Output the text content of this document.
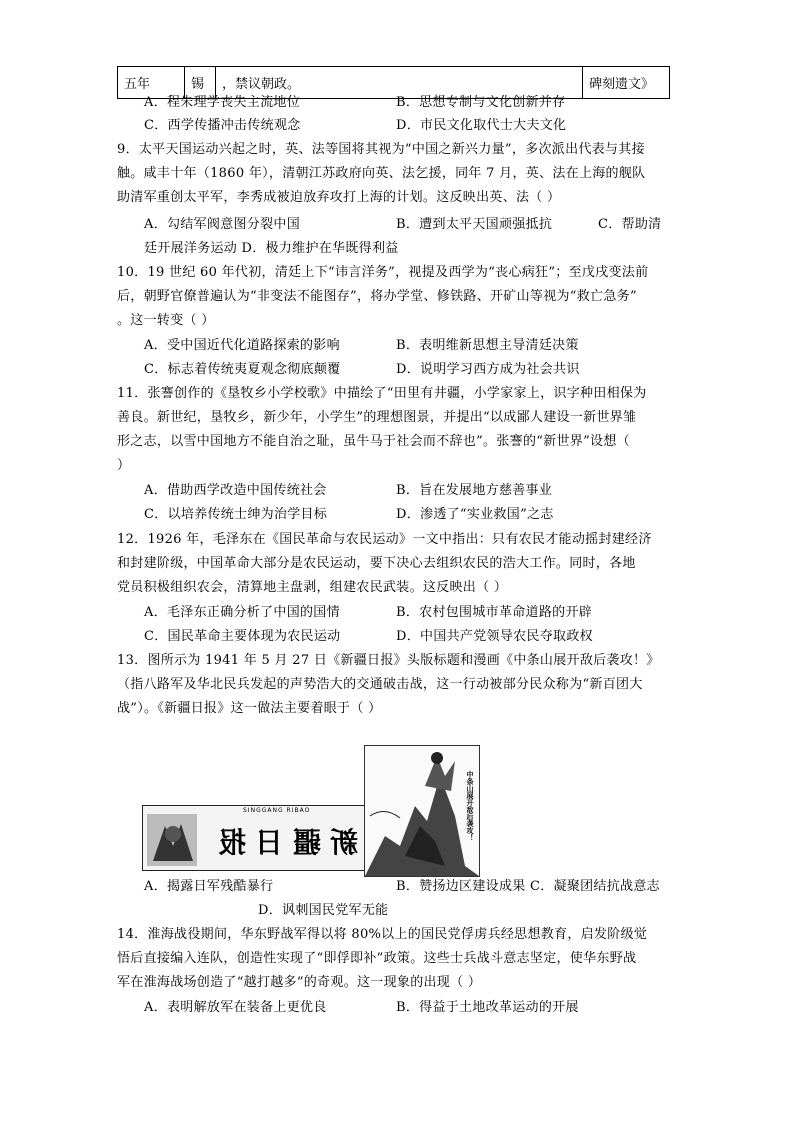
五年	锡	，禁议朝政。	碑刻遗文》
A．程朱理学丧失主流地位	B．思想专制与文化创新并存
C．西学传播冲击传统观念	D．市民文化取代士大夫文化
9．太平天国运动兴起之时，英、法等国将其视为“中国之新兴力量”，多次派出代表与其接
触。咸丰十年（1860 年），清朝江苏政府向英、法乞援，同年 7 月，英、法在上海的舰队
助清军重创太平军，李秀成被迫放弃攻打上海的计划。这反映出英、法（ ）
A．勾结军阀意图分裂中国	B．遭到太平天国顽强抵抗	C．帮助清
廷开展洋务运动 D．极力维护在华既得利益
10．19 世纪 60 年代初，清廷上下“讳言洋务”，视提及西学为“丧心病狂”；至戊戌变法前
后，朝野官僚普遍认为“非变法不能图存”，将办学堂、修铁路、开矿山等视为“救亡急务”
。这一转变（ ）
A．受中国近代化道路探索的影响	B．表明维新思想主导清廷决策
C．标志着传统夷夏观念彻底颠覆	D．说明学习西方成为社会共识
11．张謇创作的《垦牧乡小学校歌》中描绘了“田里有井疆，小学家家上，识字种田相保为
善良。新世纪，垦牧乡，新少年，小学生”的理想图景，并提出“以成鄙人建设一新世界雏
形之志，以雪中国地方不能自治之耻，虽牛马于社会而不辞也”。张謇的“新世界”设想（
）
A．借助西学改造中国传统社会	B．旨在发展地方慈善事业
C．以培养传统士绅为治学目标	D．渗透了“实业救国”之志
12．1926 年，毛泽东在《国民革命与农民运动》一文中指出：只有农民才能动摇封建经济
和封建阶级，中国革命大部分是农民运动，要下决心去组织农民的浩大工作。同时，各地
党员积极组织农会，清算地主盘剥，组建农民武装。这反映出（ ）
A．毛泽东正确分析了中国的国情	B．农村包围城市革命道路的开辟
C．国民革命主要体现为农民运动	D．中国共产党领导农民夺取政权
13．图所示为 1941 年 5 月 27 日《新疆日报》头版标题和漫画《中条山展开敌后袭攻！》
（指八路军及华北民兵发起的声势浩大的交通破击战，这一行动被部分民众称为“新百团大
战”）。《新疆日报》这一做法主要着眼于（ ）
A．揭露日军残酷暴行	B．赞扬边区建设成果 C．凝聚团结抗战意志
D．讽刺国民党军无能
14．淮海战役期间，华东野战军得以将 80%以上的国民党俘虏兵经思想教育，启发阶级觉
悟后直接编入连队，创造性实现了“即俘即补”政策。这些士兵战斗意志坚定，使华东野战
军在淮海战场创造了“越打越多”的奇观。这一现象的出现（ ）
A．表明解放军在装备上更优良	B．得益于土地改革运动的开展
SINGGANG RIBAO
报 日 疆 新
中条山展开敌后袭攻！
